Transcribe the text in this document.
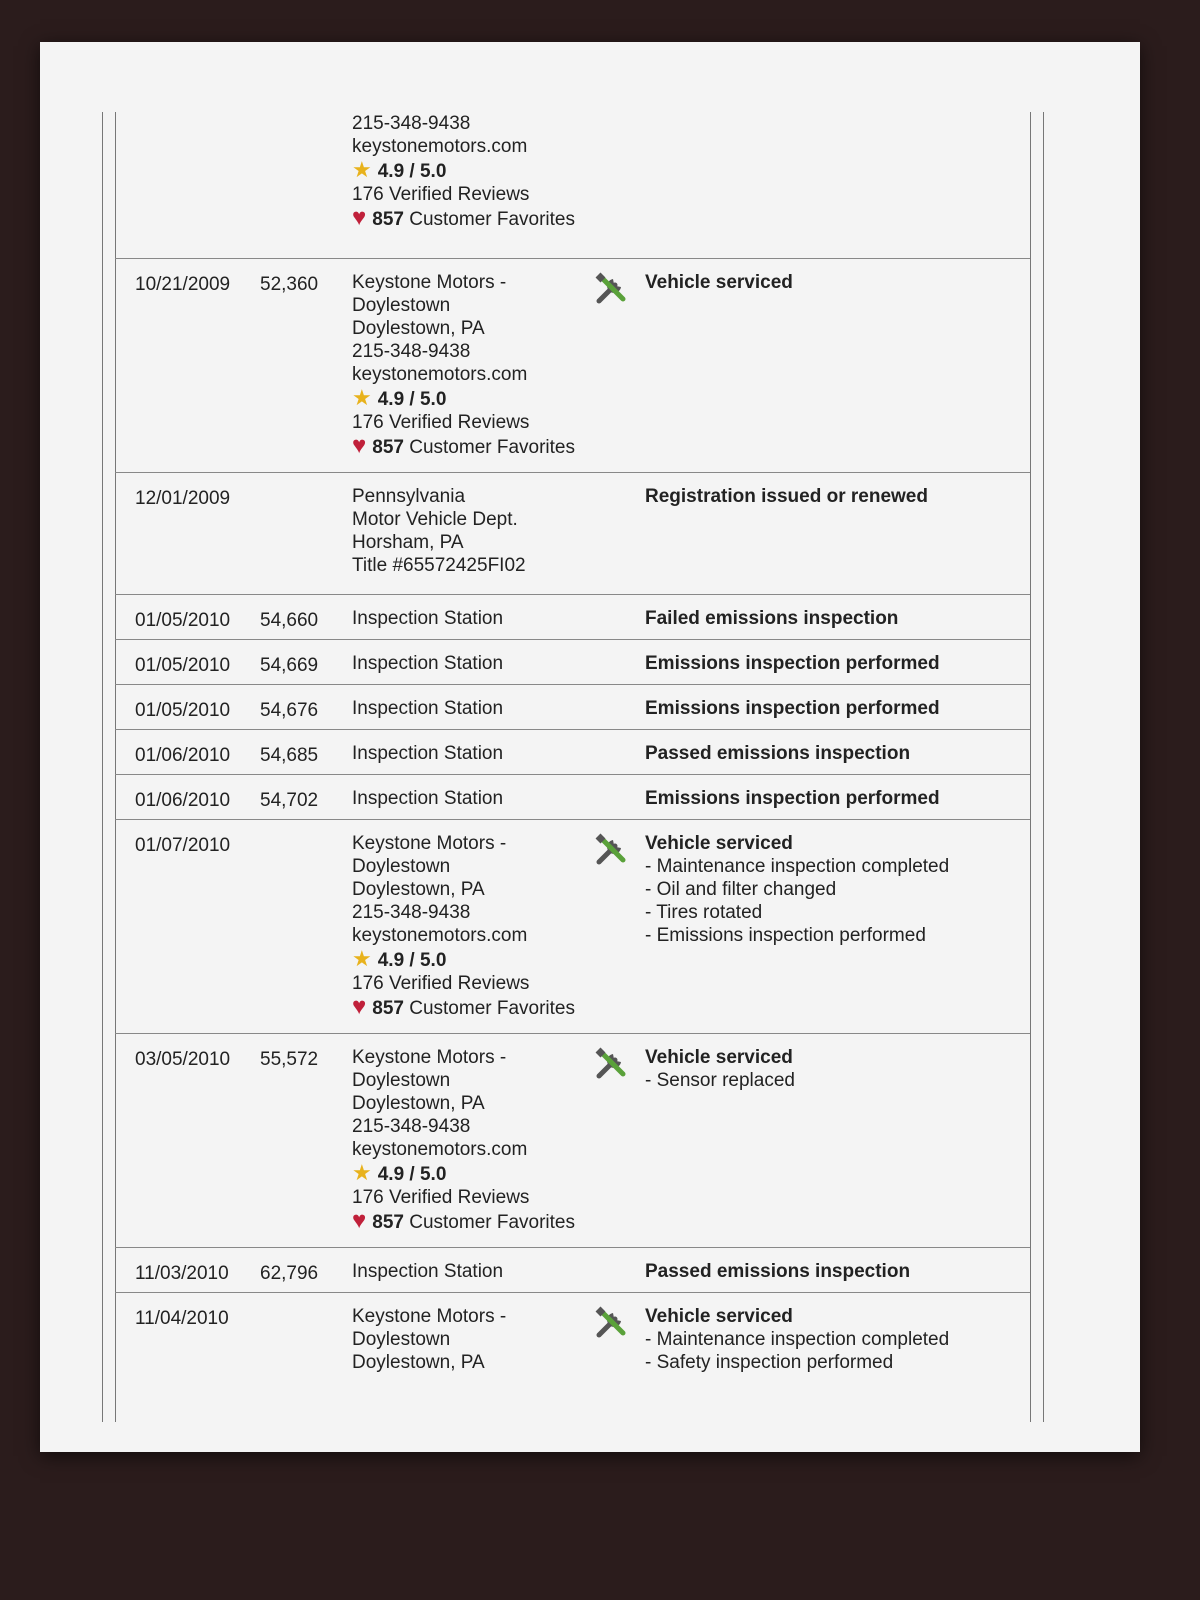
215-348-9438
keystonemotors.com
★ 4.9 / 5.0
176 Verified Reviews
♥ 857 Customer Favorites
10/21/2009 52,360 Keystone Motors -
Doylestown
Doylestown, PA
215-348-9438
keystonemotors.com
★ 4.9 / 5.0
176 Verified Reviews
♥ 857 Customer Favorites
Vehicle serviced
12/01/2009	Pennsylvania
Motor Vehicle Dept.
Horsham, PA
Title #65572425FI02
Registration issued or renewed
01/05/2010 54,660 Inspection Station	Failed emissions inspection
01/05/2010 54,669 Inspection Station	Emissions inspection performed
01/05/2010 54,676 Inspection Station	Emissions inspection performed
01/06/2010 54,685 Inspection Station	Passed emissions inspection
01/06/2010 54,702 Inspection Station	Emissions inspection performed
01/07/2010	Keystone Motors -
Doylestown
Doylestown, PA
215-348-9438
keystonemotors.com
★ 4.9 / 5.0
176 Verified Reviews
♥ 857 Customer Favorites
Vehicle serviced
- Maintenance inspection completed
- Oil and filter changed
- Tires rotated
- Emissions inspection performed
03/05/2010 55,572 Keystone Motors -
Doylestown
Doylestown, PA
215-348-9438
keystonemotors.com
★ 4.9 / 5.0
176 Verified Reviews
♥ 857 Customer Favorites
Vehicle serviced
- Sensor replaced
11/03/2010 62,796 Inspection Station	Passed emissions inspection
11/04/2010	Keystone Motors -
Doylestown
Doylestown, PA
Vehicle serviced
- Maintenance inspection completed
- Safety inspection performed
